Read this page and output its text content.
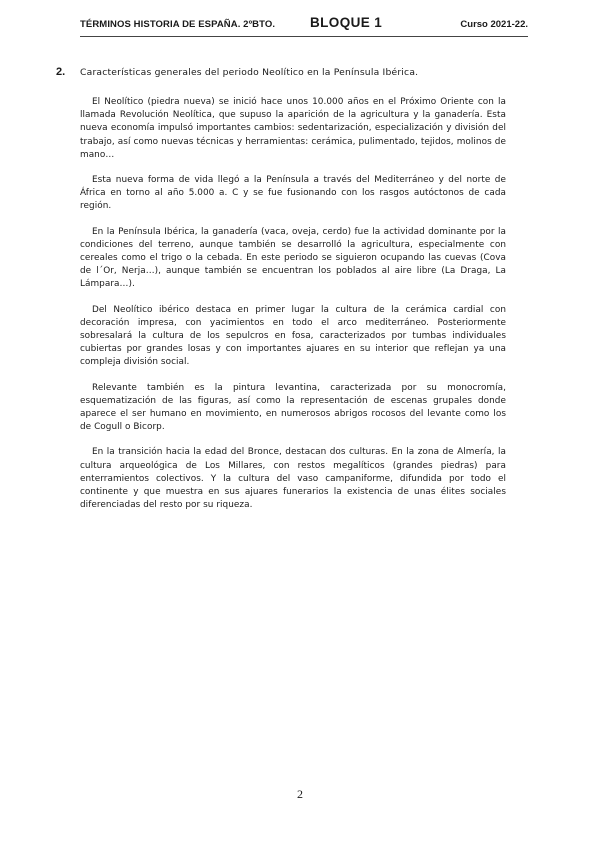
TÉRMINOS HISTORIA DE ESPAÑA. 2ºBTO.	BLOQUE 1	Curso 2021-22.
2. Características generales del periodo Neolítico en la Península Ibérica.

El Neolítico (piedra nueva) se inició hace unos 10.000 años en el Próximo Oriente con la llamada Revolución Neolítica, que supuso la aparición de la agricultura y la ganadería. Esta nueva economía impulsó importantes cambios: sedentarización, especialización y división del trabajo, así como nuevas técnicas y herramientas: cerámica, pulimentado, tejidos, molinos de mano…

Esta nueva forma de vida llegó a la Península a través del Mediterráneo y del norte de África en torno al año 5.000 a. C y se fue fusionando con los rasgos autóctonos de cada región.

En la Península Ibérica, la ganadería (vaca, oveja, cerdo) fue la actividad dominante por la condiciones del terreno, aunque también se desarrolló la agricultura, especialmente con cereales como el trigo o la cebada. En este periodo se siguieron ocupando las cuevas (Cova de l´Or, Nerja…), aunque también se encuentran los poblados al aire libre (La Draga, La Lámpara…).

Del Neolítico ibérico destaca en primer lugar la cultura de la cerámica cardial con decoración impresa, con yacimientos en todo el arco mediterráneo. Posteriormente sobresalará la cultura de los sepulcros en fosa, caracterizados por tumbas individuales cubiertas por grandes losas y con importantes ajuares en su interior que reflejan ya una compleja división social.

Relevante también es la pintura levantina, caracterizada por su monocromía, esquematización de las figuras, así como la representación de escenas grupales donde aparece el ser humano en movimiento, en numerosos abrigos rocosos del levante como los de Cogull o Bicorp.

En la transición hacia la edad del Bronce, destacan dos culturas. En la zona de Almería, la cultura arqueológica de Los Millares, con restos megalíticos (grandes piedras) para enterramientos colectivos. Y la cultura del vaso campaniforme, difundida por todo el continente y que muestra en sus ajuares funerarios la existencia de unas élites sociales diferenciadas del resto por su riqueza.

2
